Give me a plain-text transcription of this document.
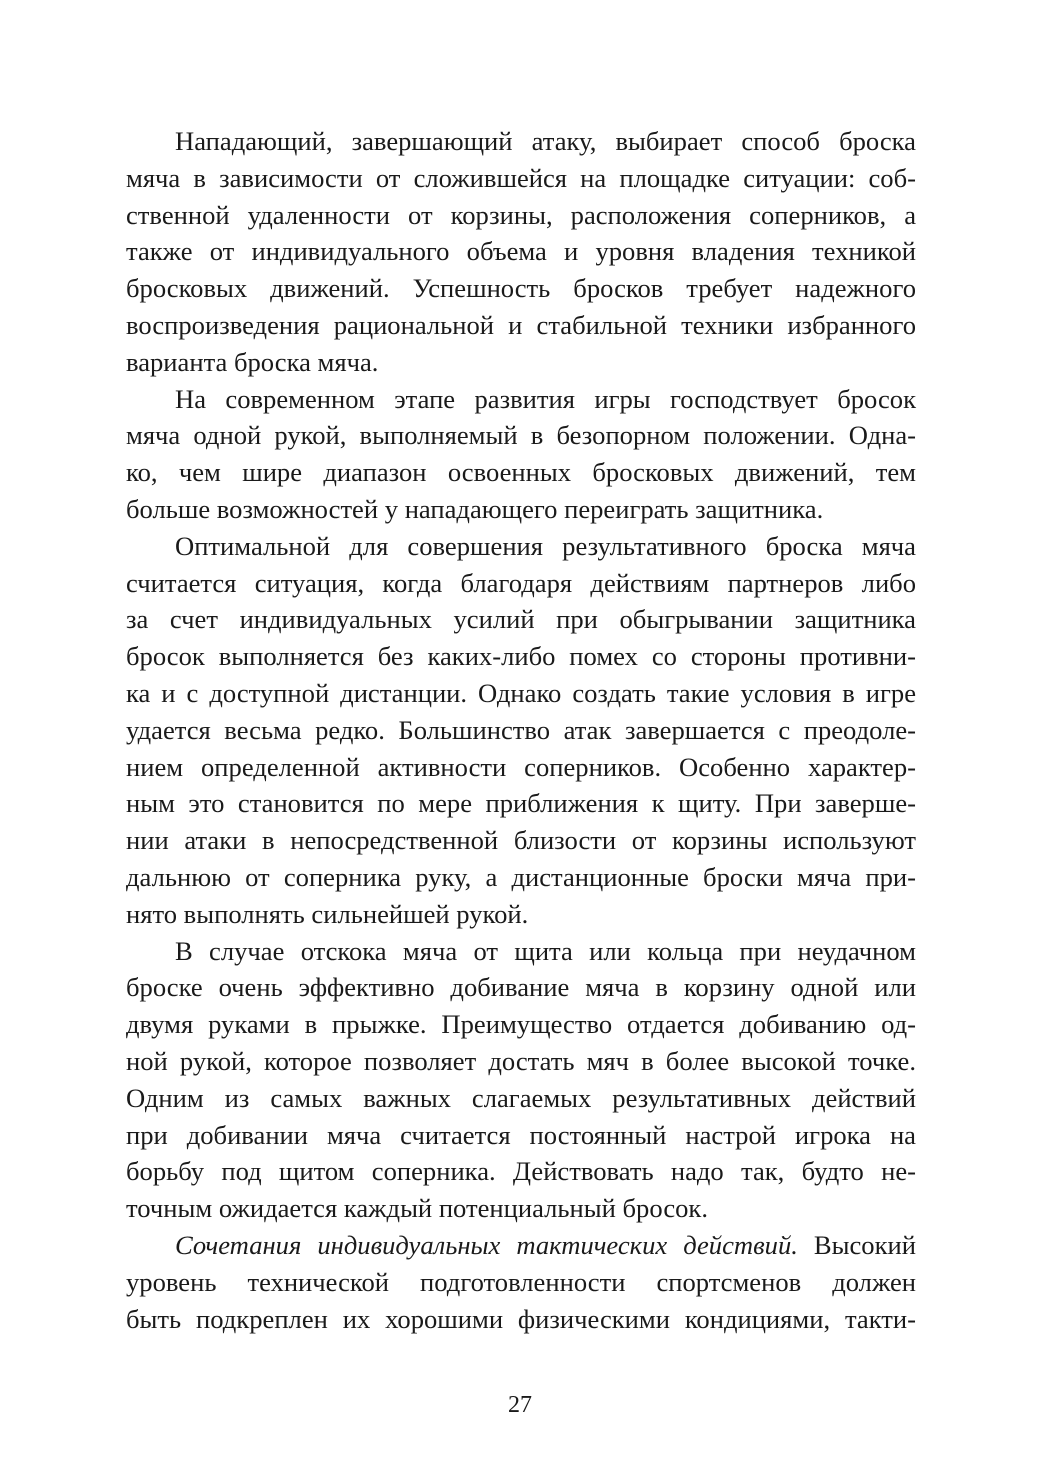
Нападающий, завершающий атаку, выбирает способ броска
мяча в зависимости от сложившейся на площадке ситуации: соб-
ственной удаленности от корзины, расположения соперников, а
также от индивидуального объема и уровня владения техникой
бросковых движений. Успешность бросков требует надежного
воспроизведения рациональной и стабильной техники избранного
варианта броска мяча.
На современном этапе развития игры господствует бросок
мяча одной рукой, выполняемый в безопорном положении. Одна-
ко, чем шире диапазон освоенных бросковых движений, тем
больше возможностей у нападающего переиграть защитника.
Оптимальной для совершения результативного броска мяча
считается ситуация, когда благодаря действиям партнеров либо
за счет индивидуальных усилий при обыгрывании защитника
бросок выполняется без каких-либо помех со стороны противни-
ка и с доступной дистанции. Однако создать такие условия в игре
удается весьма редко. Большинство атак завершается с преодоле-
нием определенной активности соперников. Особенно характер-
ным это становится по мере приближения к щиту. При заверше-
нии атаки в непосредственной близости от корзины используют
дальнюю от соперника руку, а дистанционные броски мяча при-
нято выполнять сильнейшей рукой.
В случае отскока мяча от щита или кольца при неудачном
броске очень эффективно добивание мяча в корзину одной или
двумя руками в прыжке. Преимущество отдается добиванию од-
ной рукой, которое позволяет достать мяч в более высокой точке.
Одним из самых важных слагаемых результативных действий
при добивании мяча считается постоянный настрой игрока на
борьбу под щитом соперника. Действовать надо так, будто не-
точным ожидается каждый потенциальный бросок.
Сочетания индивидуальных тактических действий. Высокий
уровень технической подготовленности спортсменов должен
быть подкреплен их хорошими физическими кондициями, такти-
27
